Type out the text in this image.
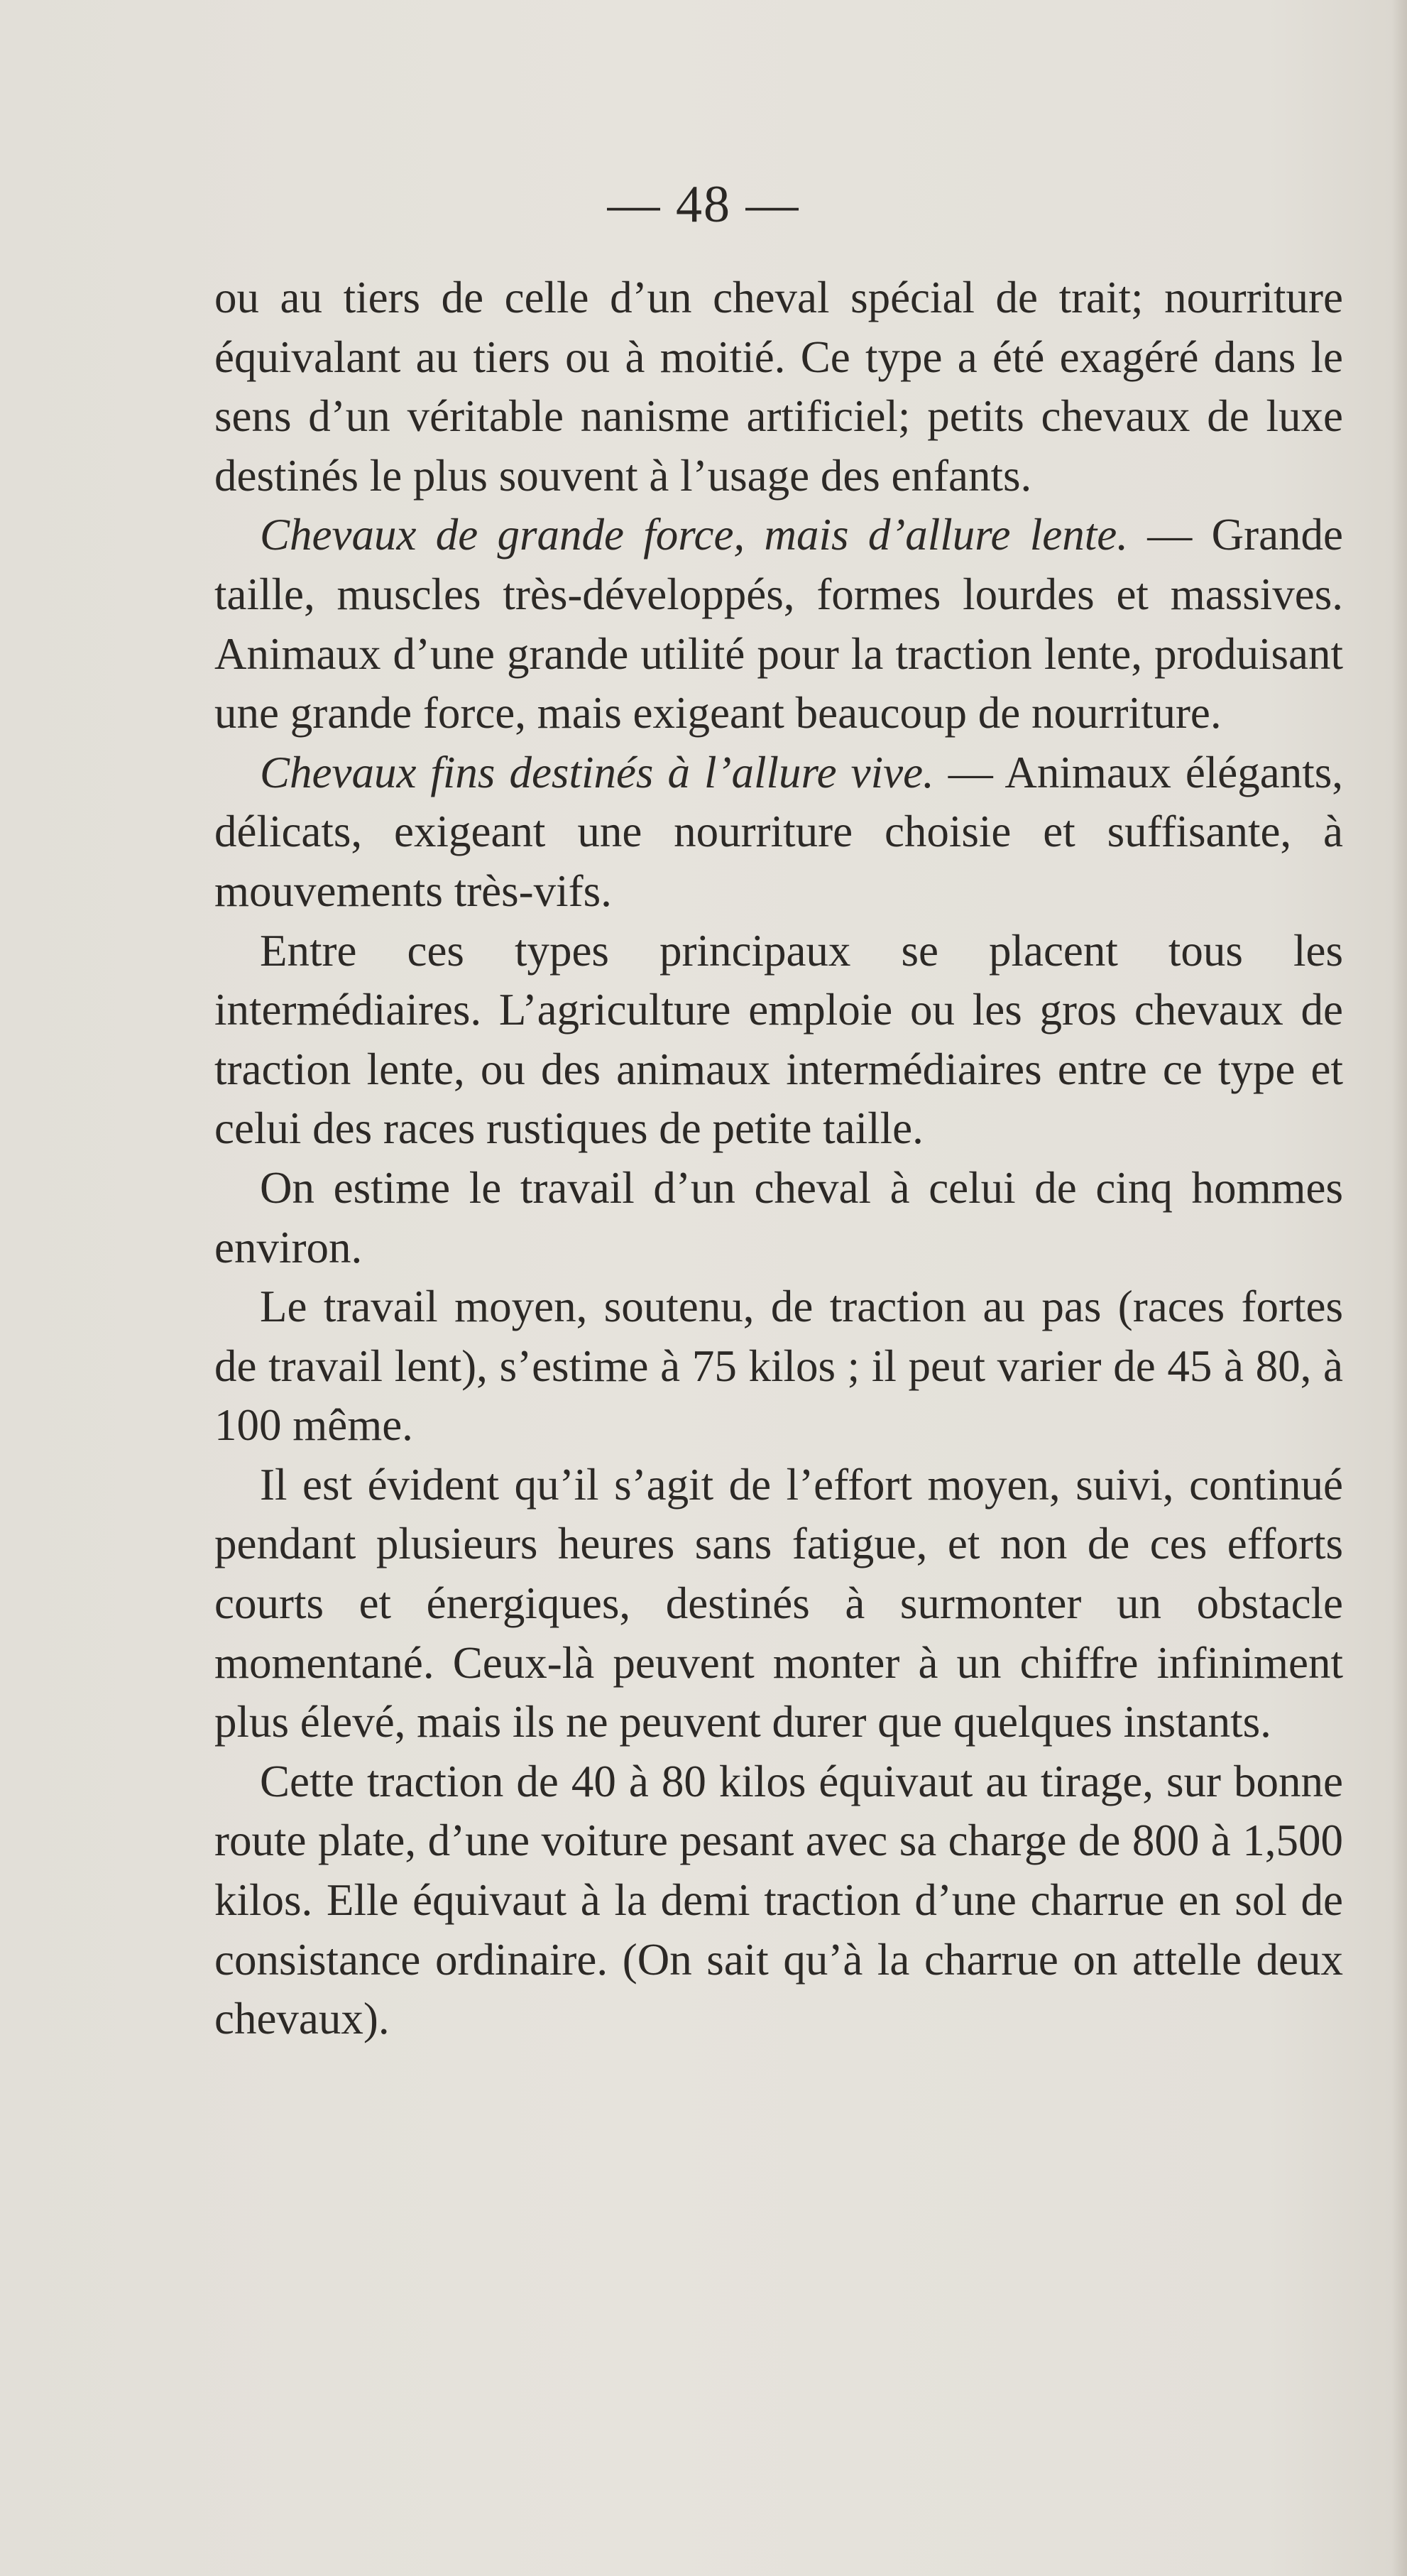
— 48 —

ou au tiers de celle d’un cheval spécial de trait; nourriture équivalant au tiers ou à moitié. Ce type a été exagéré dans le sens d’un véritable nanisme artificiel; petits chevaux de luxe destinés le plus souvent à l’usage des enfants.

Chevaux de grande force, mais d’allure lente. — Grande taille, muscles très-développés, formes lourdes et massives. Animaux d’une grande utilité pour la traction lente, produisant une grande force, mais exigeant beaucoup de nourriture.

Chevaux fins destinés à l’allure vive. — Animaux élégants, délicats, exigeant une nourriture choisie et suffisante, à mouvements très-vifs.

Entre ces types principaux se placent tous les intermédiaires. L’agriculture emploie ou les gros chevaux de traction lente, ou des animaux intermédiaires entre ce type et celui des races rustiques de petite taille.

On estime le travail d’un cheval à celui de cinq hommes environ.

Le travail moyen, soutenu, de traction au pas (races fortes de travail lent), s’estime à 75 kilos ; il peut varier de 45 à 80, à 100 même.

Il est évident qu’il s’agit de l’effort moyen, suivi, continué pendant plusieurs heures sans fatigue, et non de ces efforts courts et énergiques, destinés à surmonter un obstacle momentané. Ceux-là peuvent monter à un chiffre infiniment plus élevé, mais ils ne peuvent durer que quelques instants.

Cette traction de 40 à 80 kilos équivaut au tirage, sur bonne route plate, d’une voiture pesant avec sa charge de 800 à 1,500 kilos. Elle équivaut à la demi traction d’une charrue en sol de consistance ordinaire. (On sait qu’à la charrue on attelle deux chevaux).
